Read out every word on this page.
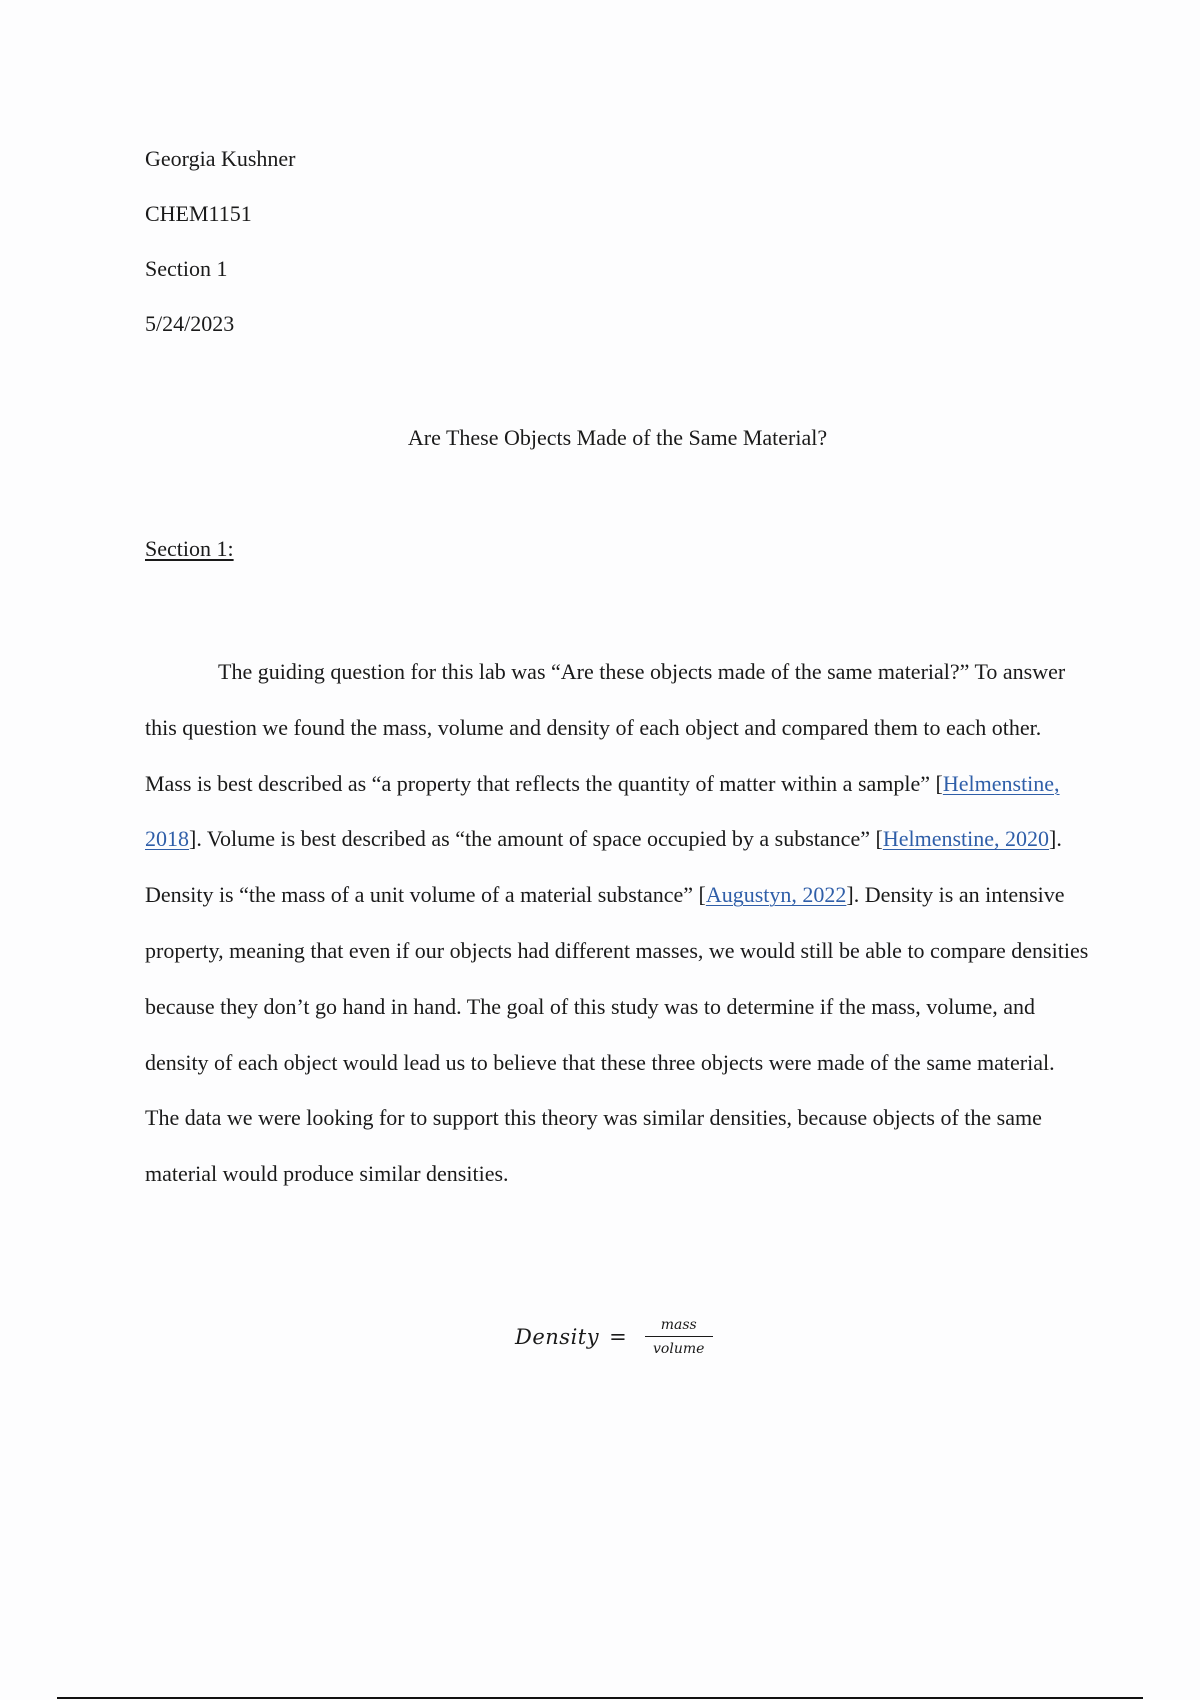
Georgia Kushner

CHEM1151

Section 1

5/24/2023

Are These Objects Made of the Same Material?
Section 1:

The guiding question for this lab was “Are these objects made of the same material?” To answer this question we found the mass, volume and density of each object and compared them to each other. Mass is best described as “a property that reflects the quantity of matter within a sample” [Helmenstine, 2018]. Volume is best described as “the amount of space occupied by a substance” [Helmenstine, 2020]. Density is “the mass of a unit volume of a material substance” [Augustyn, 2022]. Density is an intensive property, meaning that even if our objects had different masses, we would still be able to compare densities because they don’t go hand in hand. The goal of this study was to determine if the mass, volume, and density of each object would lead us to believe that these three objects were made of the same material. The data we were looking for to support this theory was similar densities, because objects of the same material would produce similar densities.

Density = $\frac{\text{mass}}{\text{volume}}$
